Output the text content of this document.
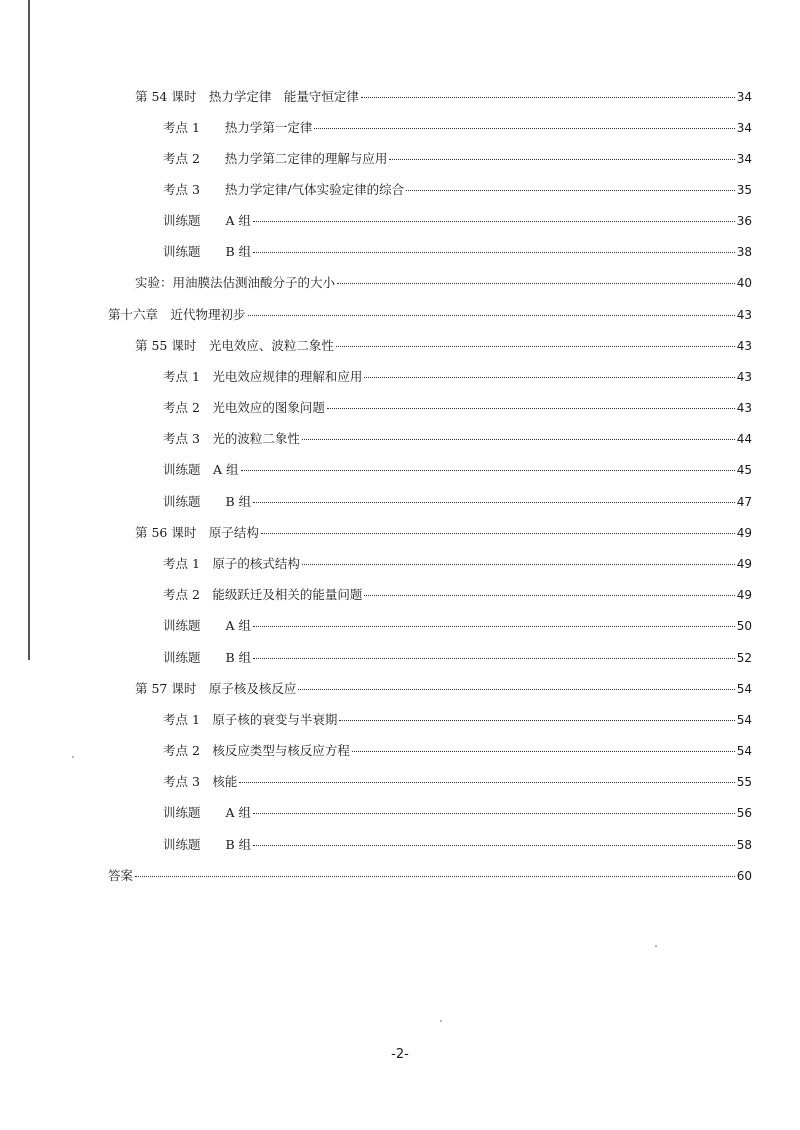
第 54 课时　热力学定律　能量守恒定律	34
考点 1　　热力学第一定律	34
考点 2　　热力学第二定律的理解与应用	34
考点 3　　热力学定律/气体实验定律的综合	35
训练题　　A 组	36
训练题　　B 组	38
实验：用油膜法估测油酸分子的大小	40
第十六章　近代物理初步	43
第 55 课时　光电效应、波粒二象性	43
考点 1　光电效应规律的理解和应用	43
考点 2　光电效应的图象问题	43
考点 3　光的波粒二象性	44
训练题　A 组	45
训练题　　B 组	47
第 56 课时　原子结构	49
考点 1　原子的核式结构	49
考点 2　能级跃迁及相关的能量问题	49
训练题　　A 组	50
训练题　　B 组	52
第 57 课时　原子核及核反应	54
考点 1　原子核的衰变与半衰期	54
考点 2　核反应类型与核反应方程	54
考点 3　核能	55
训练题　　A 组	56
训练题　　B 组	58
答案	60
-2-
